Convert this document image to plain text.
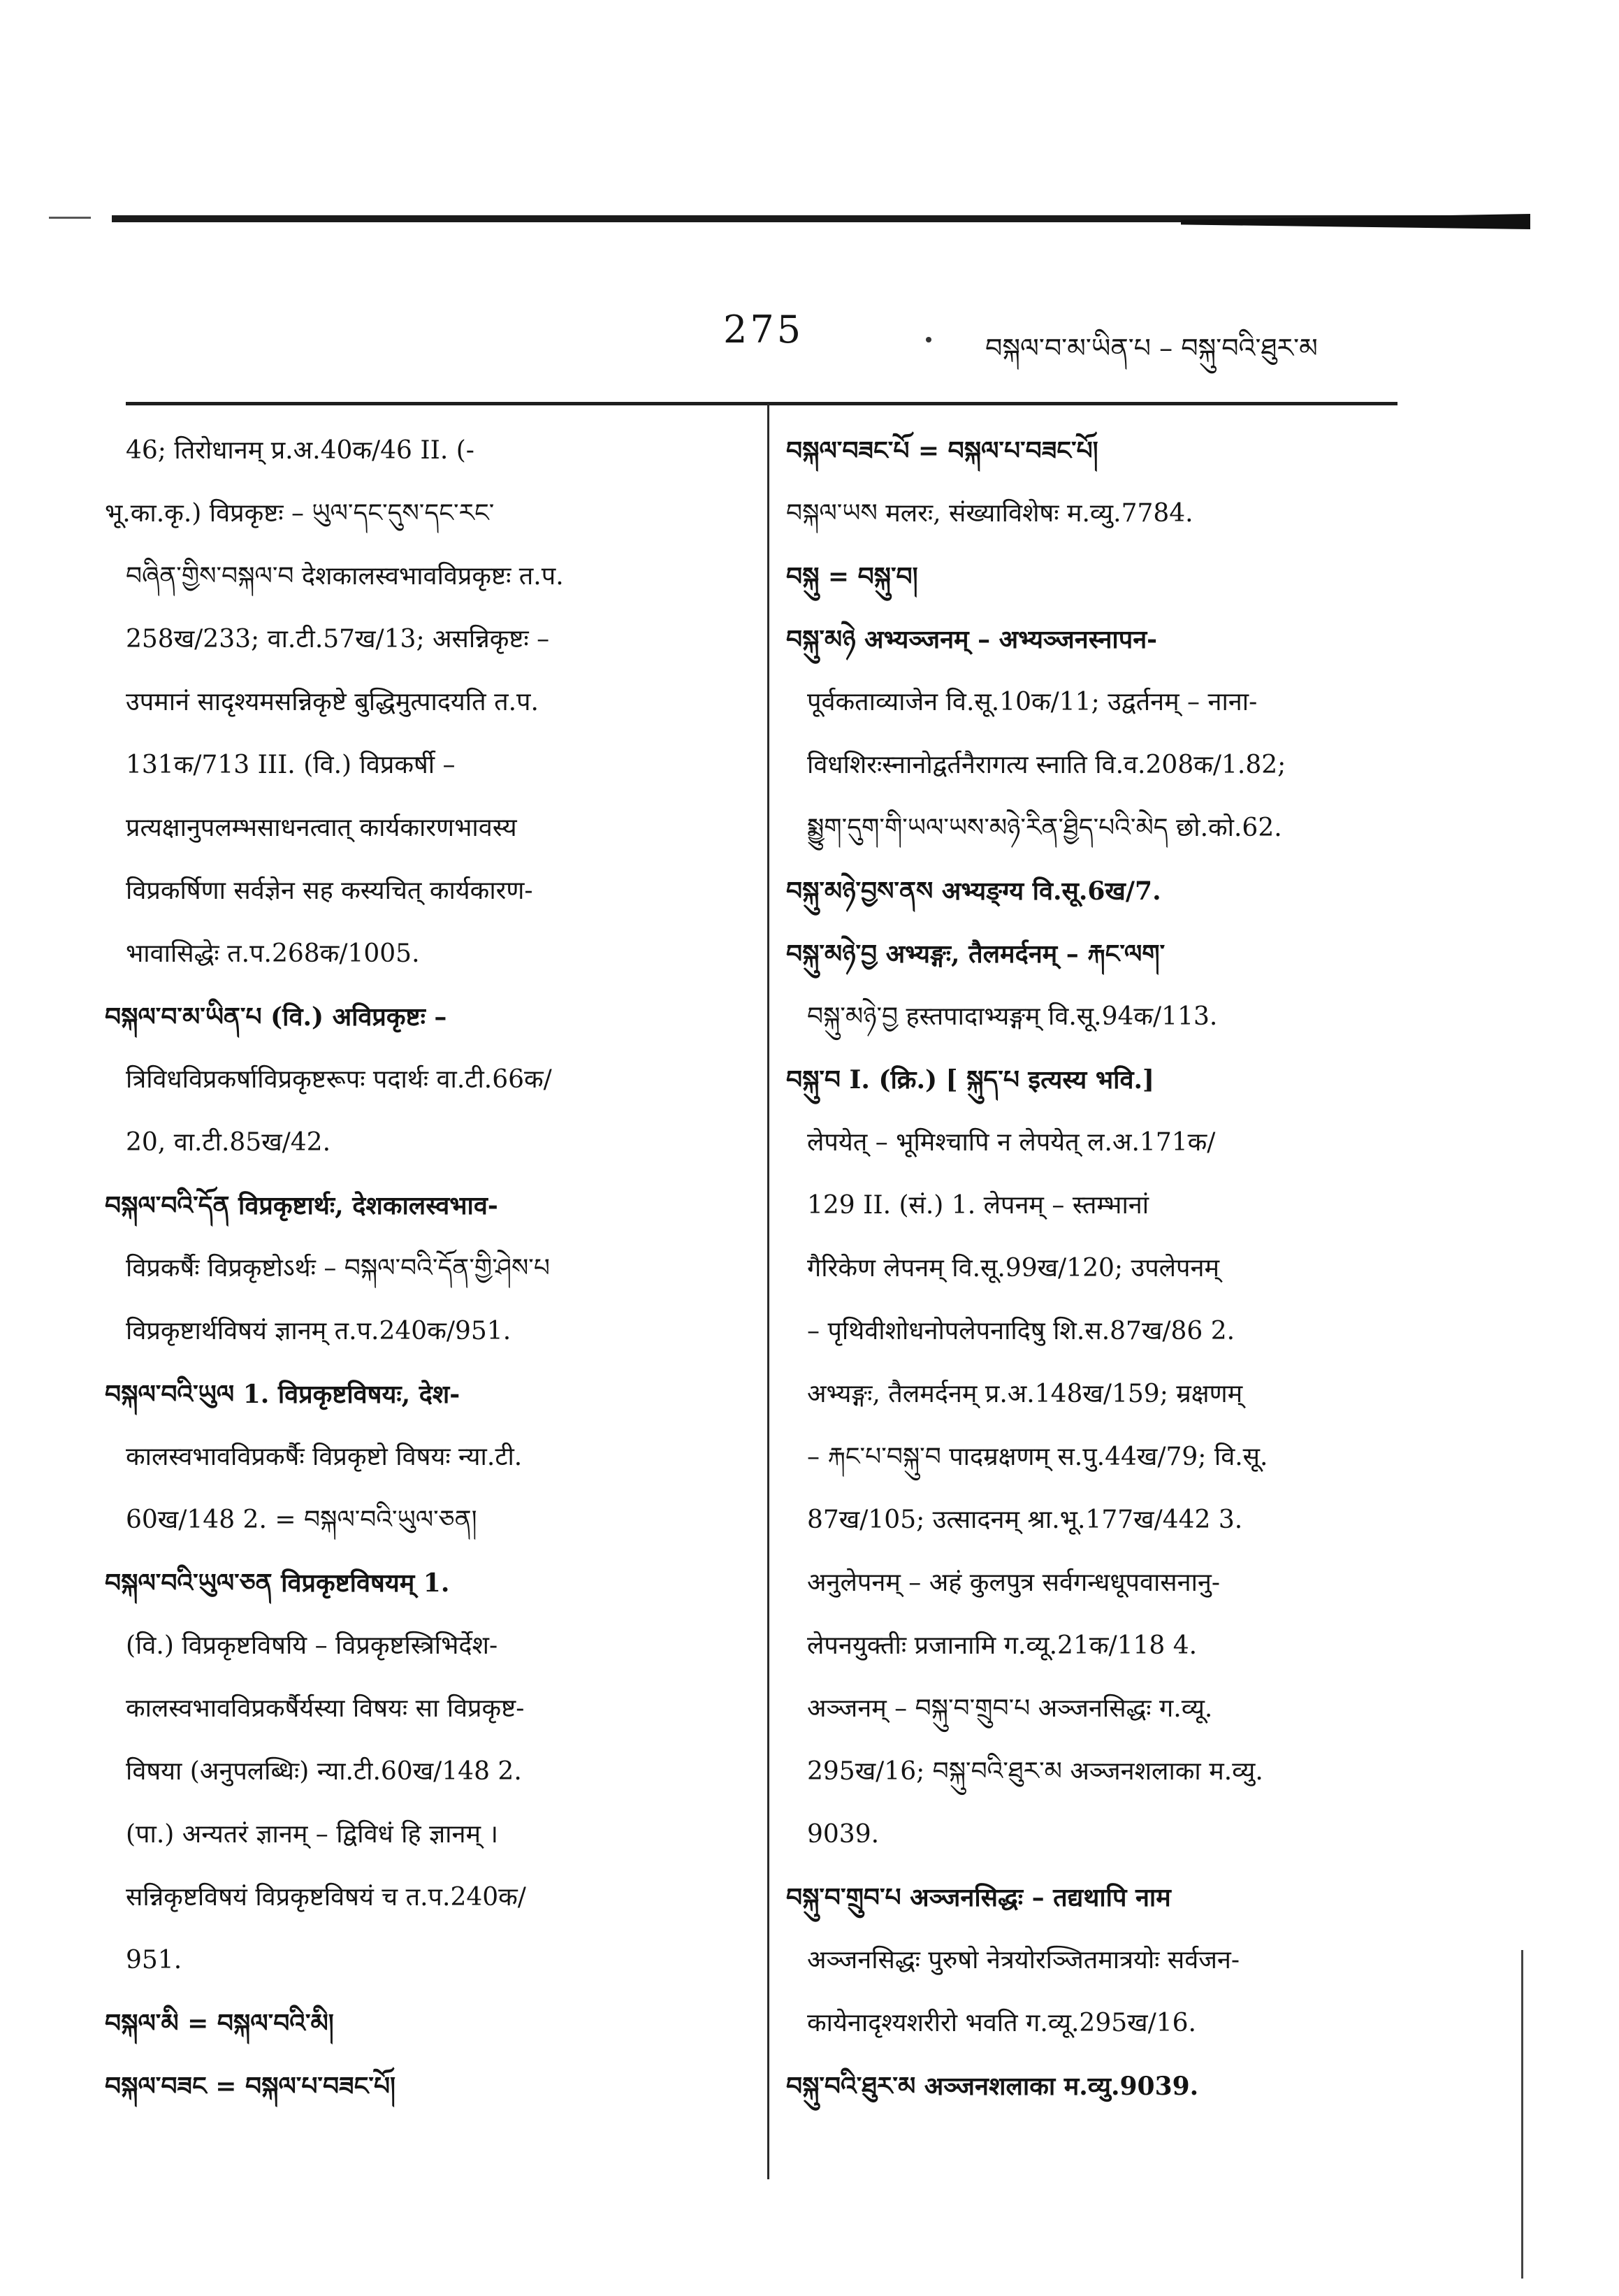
275	བསྐལ་བ་མ་ཡིན་པ – བསྐུ་བའི་ཐུར་མ
46; तिरोधानम् प्र.अ.40क/46 II. (-
भू.का.कृ.) विप्रकृष्टः – ཡུལ་དང་དུས་དང་རང་
བཞིན་གྱིས་བསྐལ་བ देशकालस्वभावविप्रकृष्टः त.प.
258ख/233; वा.टी.57ख/13; असन्निकृष्टः –
उपमानं सादृश्यमसन्निकृष्टे बुद्धिमुत्पादयति त.प.
131क/713 III. (वि.) विप्रकर्षी –
प्रत्यक्षानुपलम्भसाधनत्वात् कार्यकारणभावस्य
विप्रकर्षिणा सर्वज्ञेन सह कस्यचित् कार्यकारण-
भावासिद्धेः त.प.268क/1005.
བསྐལ་བ་མ་ཡིན་པ (वि.) अविप्रकृष्टः –
त्रिविधविप्रकर्षाविप्रकृष्टरूपः पदार्थः वा.टी.66क/
20, वा.टी.85ख/42.
བསྐལ་བའི་དོན विप्रकृष्टार्थः, देशकालस्वभाव-
विप्रकर्षैः विप्रकृष्टोऽर्थः – བསྐལ་བའི་དོན་གྱི་ཤེས་པ
विप्रकृष्टार्थविषयं ज्ञानम् त.प.240क/951.
བསྐལ་བའི་ཡུལ 1. विप्रकृष्टविषयः, देश-
कालस्वभावविप्रकर्षैः विप्रकृष्टो विषयः न्या.टी.
60ख/148 2. = བསྐལ་བའི་ཡུལ་ཅན།
བསྐལ་བའི་ཡུལ་ཅན विप्रकृष्टविषयम् 1.
(वि.) विप्रकृष्टविषयि – विप्रकृष्टस्त्रिभिर्देश-
कालस्वभावविप्रकर्षैर्यस्या विषयः सा विप्रकृष्ट-
विषया (अनुपलब्धिः) न्या.टी.60ख/148 2.
(पा.) अन्यतरं ज्ञानम् – द्विविधं हि ज्ञानम् ।
सन्निकृष्टविषयं विप्रकृष्टविषयं च त.प.240क/
951.
བསྐལ་མི = བསྐལ་བའི་མི།
བསྐལ་བཟང = བསྐལ་པ་བཟང་པོ།
བསྐལ་བཟང་པོ = བསྐལ་པ་བཟང་པོ།
བསྐལ་ཡས मलरः, संख्याविशेषः म.व्यु.7784.
བསྐུ = བསྐུ་བ།
བསྐུ་མཉེ अभ्यञ्जनम् – अभ्यञ्जनस्नापन-
पूर्वकताव्याजेन वि.सू.10क/11; उद्वर्तनम् – नाना-
विधशिरःस्नानोद्वर्तनैरागत्य स्नाति वि.व.208क/1.82;
སྨྱུག་དུག་གི་ཡལ་ཡས་མཉེ་རིན་ཐྱིད་པའི་མེད छो.को.62.
བསྐུ་མཉེ་བྱས་ནས अभ्यङ्ग्य वि.सू.6ख/7.
བསྐུ་མཉེ་བྱ अभ्यङ्गः, तैलमर्दनम् – རྐང་ལག་
བསྐུ་མཉེ་བྱ हस्तपादाभ्यङ्गम् वि.सू.94क/113.
བསྐུ་བ I. (क्रि.) [ སྐུད་པ इत्यस्य भवि.]
लेपयेत् – भूमिश्चापि न लेपयेत् ल.अ.171क/
129 II. (सं.) 1. लेपनम् – स्तम्भानां
गैरिकेण लेपनम् वि.सू.99ख/120; उपलेपनम्
– पृथिवीशोधनोपलेपनादिषु शि.स.87ख/86 2.
अभ्यङ्गः, तैलमर्दनम् प्र.अ.148ख/159; म्रक्षणम्
– རྐང་པ་བསྐུ་བ पादम्रक्षणम् स.पु.44ख/79; वि.सू.
87ख/105; उत्सादनम् श्रा.भू.177ख/442 3.
अनुलेपनम् – अहं कुलपुत्र सर्वगन्धधूपवासनानु-
लेपनयुक्तीः प्रजानामि ग.व्यू.21क/118 4.
अञ्जनम् – བསྐུ་བ་གྲུབ་པ अञ्जनसिद्धः ग.व्यू.
295ख/16; བསྐུ་བའི་ཐུར་མ अञ्जनशलाका म.व्यु.
9039.
བསྐུ་བ་གྲུབ་པ अञ्जनसिद्धः – तद्यथापि नाम
अञ्जनसिद्धः पुरुषो नेत्रयोरञ्जितमात्रयोः सर्वजन-
कायेनादृश्यशरीरो भवति ग.व्यू.295ख/16.
བསྐུ་བའི་ཐུར་མ अञ्जनशलाका म.व्यु.9039.
